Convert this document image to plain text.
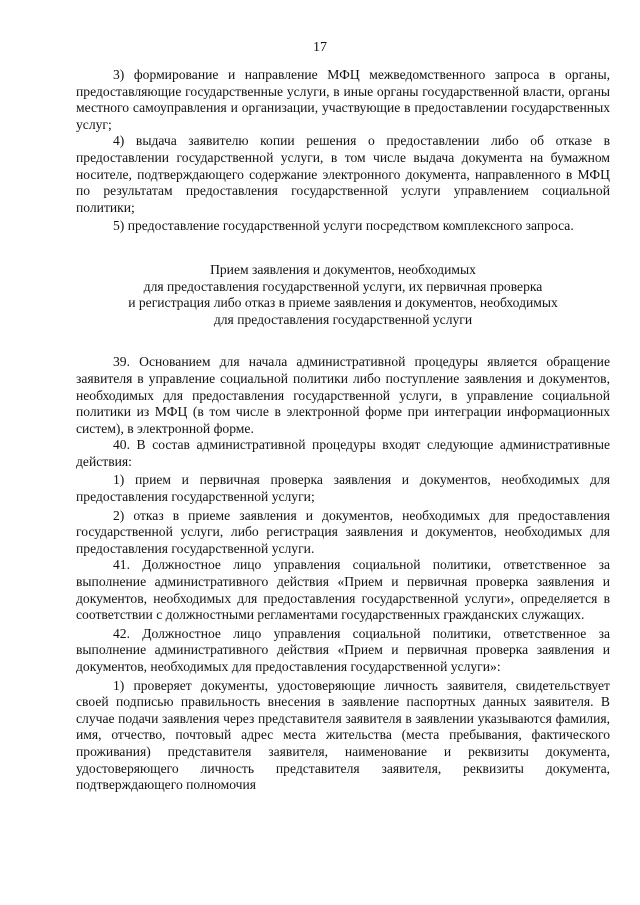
17

3) формирование и направление МФЦ межведомственного запроса в органы, предоставляющие государственные услуги, в иные органы государственной власти, органы местного самоуправления и организации, участвующие в предоставлении государственных услуг;

4) выдача заявителю копии решения о предоставлении либо об отказе в предоставлении государственной услуги, в том числе выдача документа на бумажном носителе, подтверждающего содержание электронного документа, направленного в МФЦ по результатам предоставления государственной услуги управлением социальной политики;

5) предоставление государственной услуги посредством комплексного запроса.

Прием заявления и документов, необходимых
для предоставления государственной услуги, их первичная проверка
и регистрация либо отказ в приеме заявления и документов, необходимых
для предоставления государственной услуги

39. Основанием для начала административной процедуры является обращение заявителя в управление социальной политики либо поступление заявления и документов, необходимых для предоставления государственной услуги, в управление социальной политики из МФЦ (в том числе в электронной форме при интеграции информационных систем), в электронной форме.

40. В состав административной процедуры входят следующие административные действия:

1) прием и первичная проверка заявления и документов, необходимых для предоставления государственной услуги;

2) отказ в приеме заявления и документов, необходимых для предоставления государственной услуги, либо регистрация заявления и документов, необходимых для предоставления государственной услуги.

41. Должностное лицо управления социальной политики, ответственное за выполнение административного действия «Прием и первичная проверка заявления и документов, необходимых для предоставления государственной услуги», определяется в соответствии с должностными регламентами государственных гражданских служащих.

42. Должностное лицо управления социальной политики, ответственное за выполнение административного действия «Прием и первичная проверка заявления и документов, необходимых для предоставления государственной услуги»:

1) проверяет документы, удостоверяющие личность заявителя, свидетельствует своей подписью правильность внесения в заявление паспортных данных заявителя. В случае подачи заявления через представителя заявителя в заявлении указываются фамилия, имя, отчество, почтовый адрес места жительства (места пребывания, фактического проживания) представителя заявителя, наименование и реквизиты документа, удостоверяющего личность представителя заявителя, реквизиты документа, подтверждающего полномочия
